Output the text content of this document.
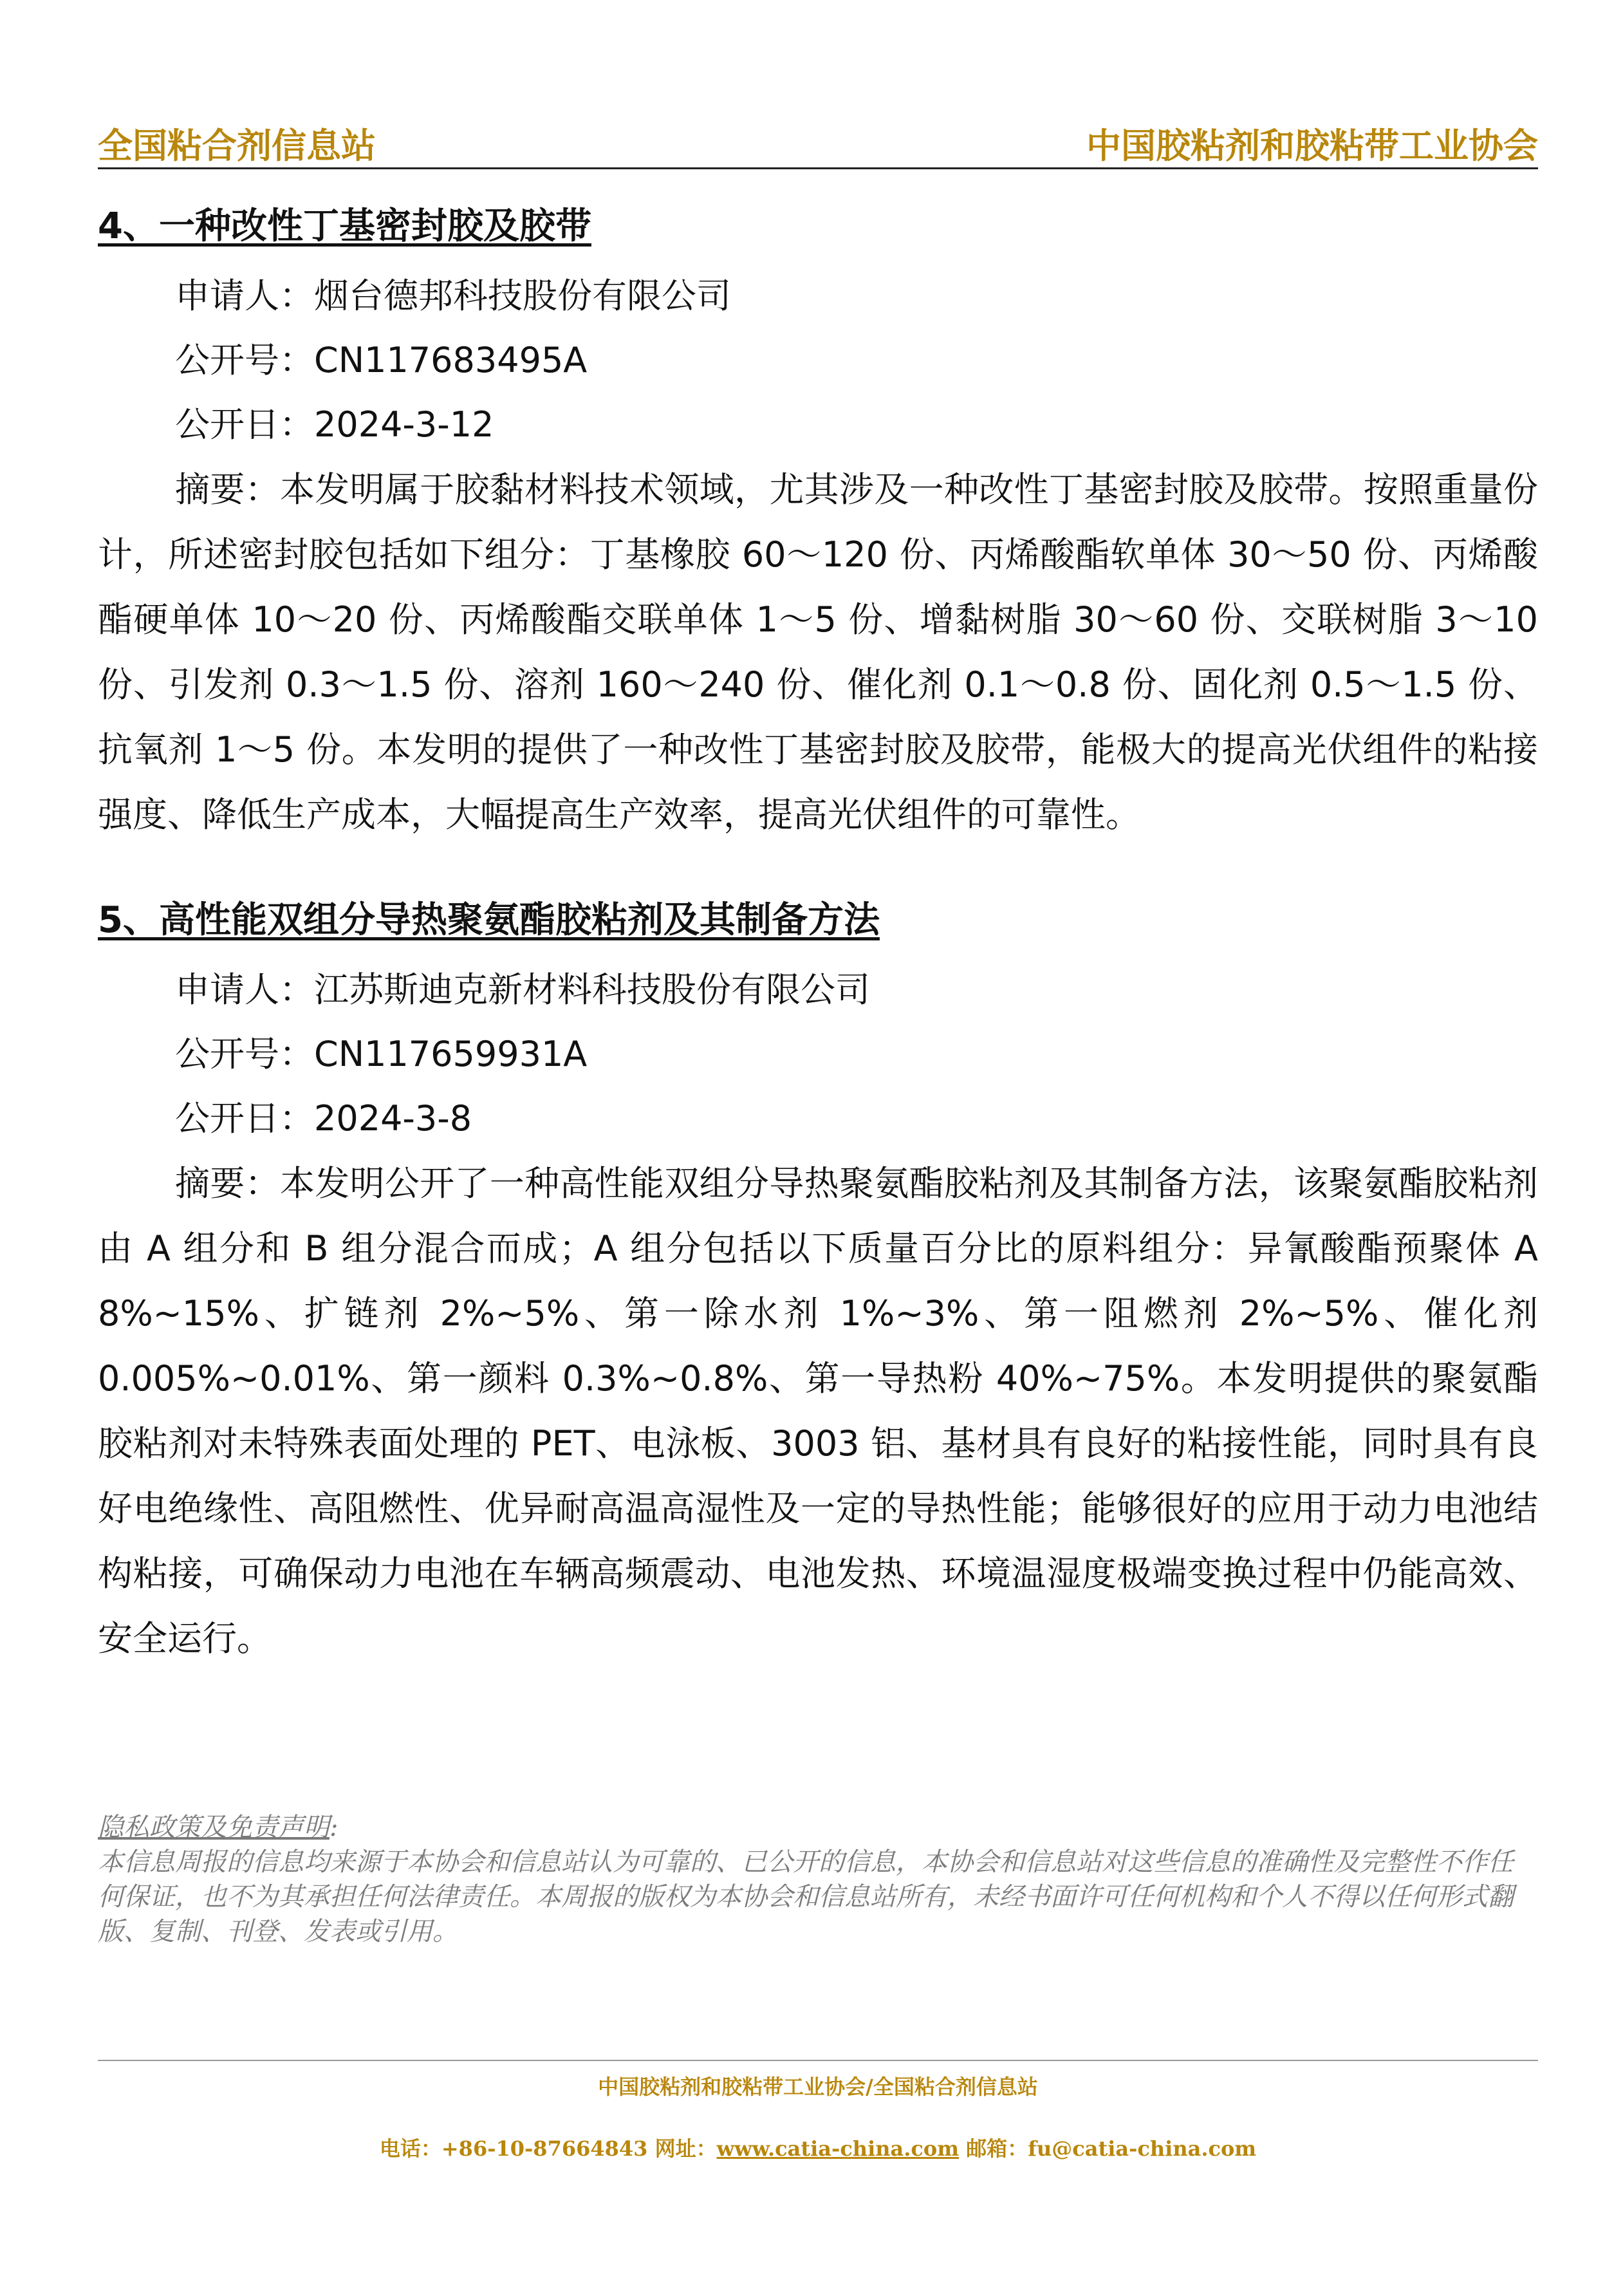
全国粘合剂信息站	中国胶粘剂和胶粘带工业协会

4、一种改性丁基密封胶及胶带

申请人：烟台德邦科技股份有限公司

公开号：CN117683495A

公开日：2024-3-12

摘要：本发明属于胶黏材料技术领域，尤其涉及一种改性丁基密封胶及胶带。按照重量份计，所述密封胶包括如下组分：丁基橡胶 60～120 份、丙烯酸酯软单体 30～50 份、丙烯酸酯硬单体 10～20 份、丙烯酸酯交联单体 1～5 份、增黏树脂 30～60 份、交联树脂 3～10 份、引发剂 0.3～1.5 份、溶剂 160～240 份、催化剂 0.1～0.8 份、固化剂 0.5～1.5 份、抗氧剂 1～5 份。本发明的提供了一种改性丁基密封胶及胶带，能极大的提高光伏组件的粘接强度、降低生产成本，大幅提高生产效率，提高光伏组件的可靠性。

5、高性能双组分导热聚氨酯胶粘剂及其制备方法

申请人：江苏斯迪克新材料科技股份有限公司

公开号：CN117659931A

公开日：2024-3-8

摘要：本发明公开了一种高性能双组分导热聚氨酯胶粘剂及其制备方法，该聚氨酯胶粘剂由 A 组分和 B 组分混合而成；A 组分包括以下质量百分比的原料组分：异氰酸酯预聚体 A 8%~15%、扩链剂 2%~5%、第一除水剂 1%~3%、第一阻燃剂 2%~5%、催化剂 0.005%~0.01%、第一颜料 0.3%~0.8%、第一导热粉 40%~75%。本发明提供的聚氨酯胶粘剂对未特殊表面处理的 PET、电泳板、3003 铝、基材具有良好的粘接性能，同时具有良好电绝缘性、高阻燃性、优异耐高温高湿性及一定的导热性能；能够很好的应用于动力电池结构粘接，可确保动力电池在车辆高频震动、电池发热、环境温湿度极端变换过程中仍能高效、安全运行。

隐私政策及免责声明:
本信息周报的信息均来源于本协会和信息站认为可靠的、已公开的信息，本协会和信息站对这些信息的准确性及完整性不作任何保证，也不为其承担任何法律责任。本周报的版权为本协会和信息站所有，未经书面许可任何机构和个人不得以任何形式翻版、复制、刊登、发表或引用。
中国胶粘剂和胶粘带工业协会/全国粘合剂信息站
电话：+86-10-87664843 网址：www.catia-china.com 邮箱：fu@catia-china.com
